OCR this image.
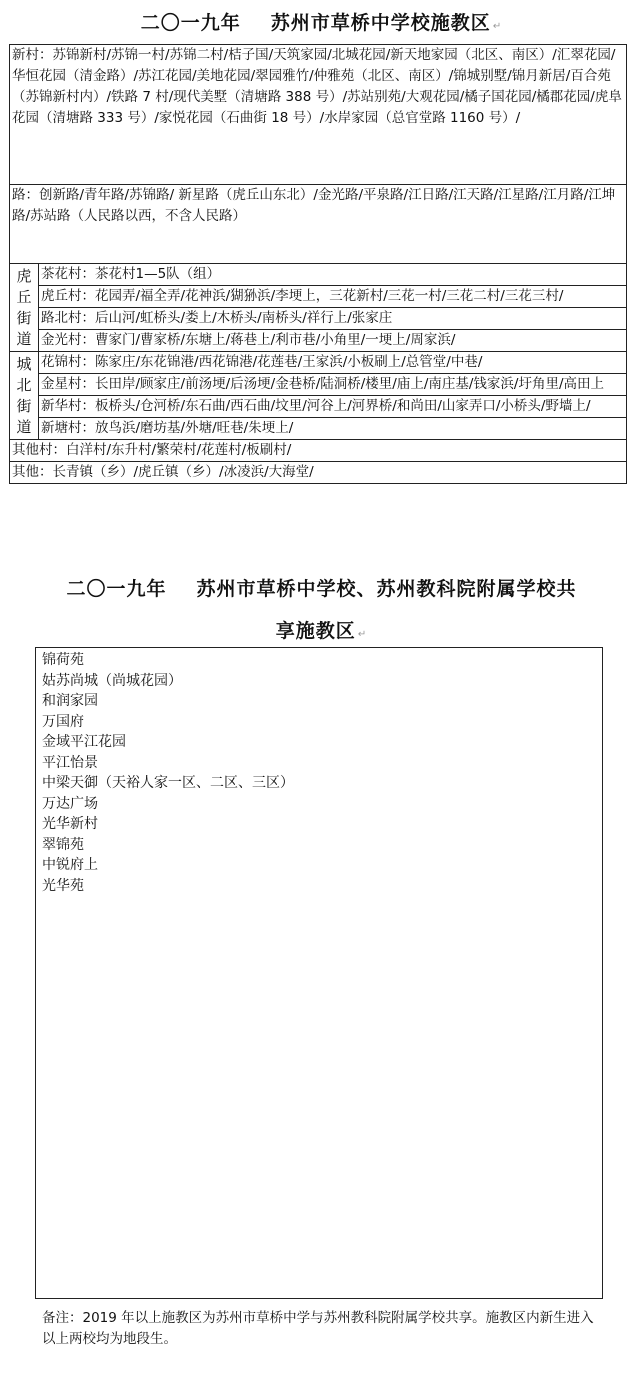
二〇一九年 苏州市草桥中学校施教区 ↵
新村：苏锦新村/苏锦一村/苏锦二村/桔子国/天筑家园/北城花园/新天地家园（北区、南区）/汇翠花园/华恒花园（清金路）/苏江花园/美地花园/翠园雅竹/仲雅苑（北区、南区）/锦城别墅/锦月新居/百合苑（苏锦新村内）/铁路 7 村/现代美墅（清塘路 388 号）/苏站别苑/大观花园/橘子国花园/橘郡花园/虎阜花园（清塘路 333 号）/家悦花园（石曲街 18 号）/水岸家园（总官堂路 1160 号）/
路：创新路/青年路/苏锦路/ 新星路（虎丘山东北）/金光路/平泉路/江日路/江天路/江星路/江月路/江坤路/苏站路（人民路以西，不含人民路）
虎丘街道
茶花村：茶花村1—5队（组）
虎丘村：花园弄/福全弄/花神浜/猢狲浜/李埂上，三花新村/三花一村/三花二村/三花三村/
路北村：后山河/虹桥头/娄上/木桥头/南桥头/祥行上/张家庄
金光村：曹家门/曹家桥/东塘上/蒋巷上/利市巷/小角里/一埂上/周家浜/
城北街道
花锦村：陈家庄/东花锦港/西花锦港/花莲巷/王家浜/小板刷上/总管堂/中巷/
金星村：长田岸/顾家庄/前汤埂/后汤埂/金巷桥/陆洞桥/楼里/庙上/南庄基/钱家浜/圩角里/高田上
新华村：板桥头/仓河桥/东石曲/西石曲/坟里/河谷上/河界桥/和尚田/山家弄口/小桥头/野墙上/
新塘村：放鸟浜/磨坊基/外塘/旺巷/朱埂上/
其他村：白洋村/东升村/繁荣村/花莲村/板刷村/
其他：长青镇（乡）/虎丘镇（乡）/冰凌浜/大海堂/
二〇一九年 苏州市草桥中学校、苏州教科院附属学校共
享施教区 ↵
锦荷苑
姑苏尚城（尚城花园）
和润家园
万国府
金域平江花园
平江怡景
中梁天御（天裕人家一区、二区、三区）
万达广场
光华新村
翠锦苑
中锐府上
光华苑
备注：2019 年以上施教区为苏州市草桥中学与苏州教科院附属学校共享。施教区内新生进入以上两校均为地段生。
